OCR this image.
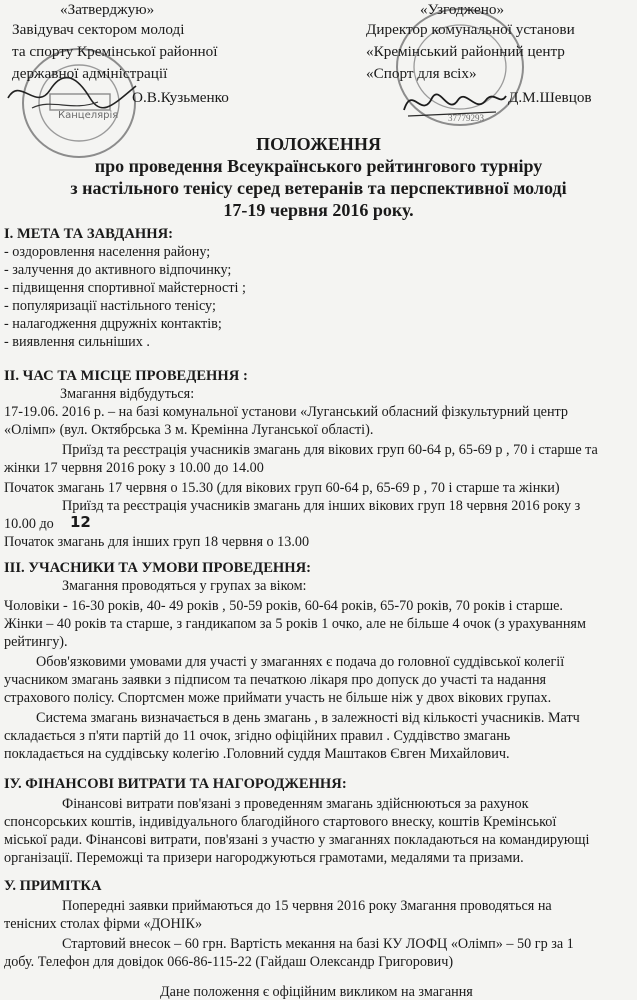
Канцелярія	37779293
«Затверджую»
Завідувач сектором молоді
та спорту Кремінської районної
державної адміністрації
О.В.Кузьменко
«Узгоджено»
Директор комунальної установи
«Кремінський районний центр
«Спорт для всіх»
Д.М.Шевцов
ПОЛОЖЕННЯ
про проведення Всеукраїнського рейтингового турніру
з настільного тенісу серед ветеранів та перспективної молоді
17-19 червня 2016 року.
І. МЕТА ТА ЗАВДАННЯ:
- оздоровлення населення району;
- залучення до активного відпочинку;
- підвищення спортивної майстерності ;
- популяризації настільного тенісу;
- налагодження дцружніх контактів;
- виявлення сильніших .
ІІ. ЧАС ТА МІСЦЕ ПРОВЕДЕННЯ :
Змагання відбудуться:
17-19.06. 2016 р. – на базі комунальної установи «Луганський обласний фізкультурний центр
«Олімп» (вул. Октябрська 3 м. Кремінна Луганської області).
Приїзд та реєстрація учасників змагань для вікових груп 60-64 р, 65-69 р , 70 і старше та
жінки 17 червня 2016 року з 10.00 до 14.00
Початок змагань 17 червня о 15.30 (для вікових груп 60-64 р, 65-69 р , 70 і старше та жінки)
Приїзд та реєстрація учасників змагань для інших вікових груп 18 червня 2016 року з
10.00 до 12
Початок змагань для інших груп 18 червня о 13.00
ІІІ. УЧАСНИКИ ТА УМОВИ ПРОВЕДЕННЯ:
Змагання проводяться у групах за віком:
Чоловіки - 16-30 років, 40- 49 років , 50-59 років, 60-64 років, 65-70 років, 70 років і старше.
Жінки – 40 років та старше, з гандикапом за 5 років 1 очко, але не більше 4 очок (з урахуванням
рейтингу).
Обов'язковими умовами для участі у змаганнях є подача до головної суддівської колегії
учасником змагань заявки з підписом та печаткою лікаря про допуск до участі та надання
страхового полісу. Спортсмен може приймати участь не більше ніж у двох вікових групах.
Система змагань визначається в день змагань , в залежності від кількості учасників. Матч
складається з п'яти партій до 11 очок, згідно офіційних правил . Суддівство змагань
покладається на суддівську колегію .Головний суддя Маштаков Євген Михайлович.
ІУ. ФІНАНСОВІ ВИТРАТИ ТА НАГОРОДЖЕННЯ:
Фінансові витрати пов'язані з проведенням змагань здійснюються за рахунок
спонсорських коштів, індивідуального благодійного стартового внеску, коштів Кремінської
міської ради. Фінансові витрати, пов'язані з участю у змаганнях покладаються на командирующі
організації. Переможці та призери нагороджуються грамотами, медалями та призами.
У. ПРИМІТКА
Попередні заявки приймаються до 15 червня 2016 року Змагання проводяться на
тенісних столах фірми «ДОНІК»
Стартовий внесок – 60 грн. Вартість мекання на базі КУ ЛОФЦ «Олімп» – 50 гр за 1
добу. Телефон для довідок 066-86-115-22 (Гайдаш Олександр Григорович)
Дане положення є офіційним викликом на змагання
